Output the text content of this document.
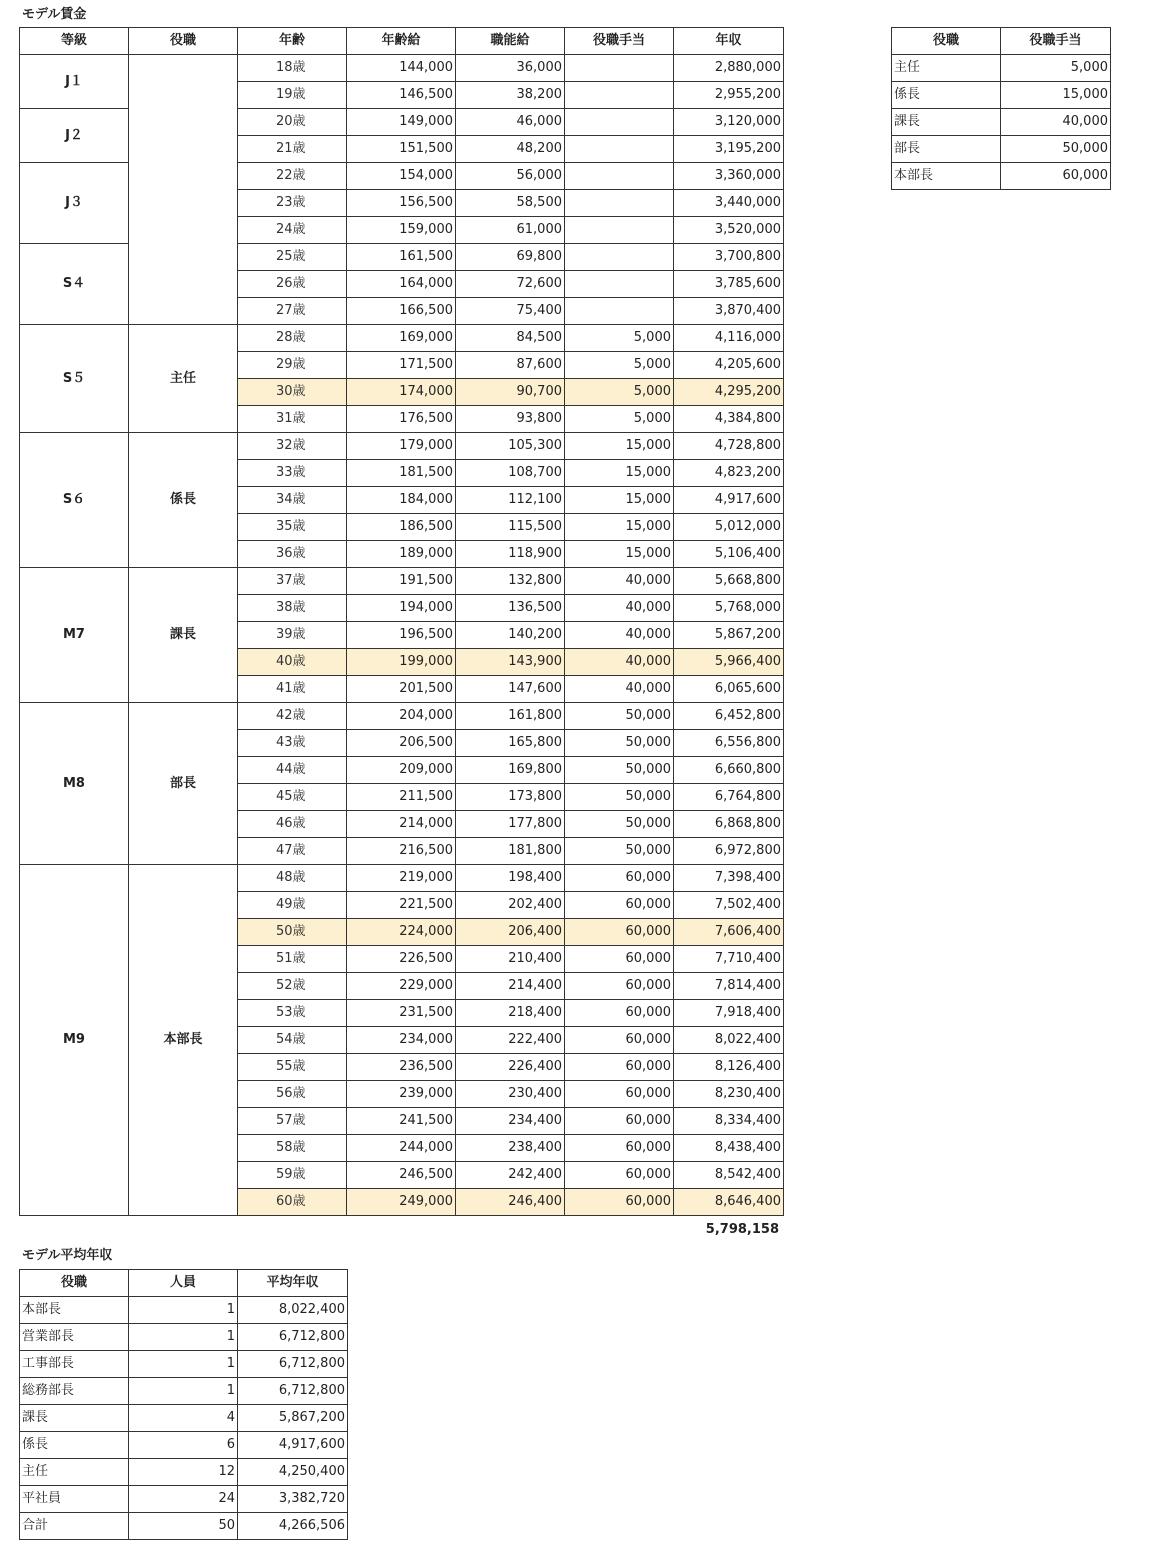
モデル賃金
等級	役職	年齢	年齢給	職能給	役職手当	年収
J１		18歳	144,000	36,000		2,880,000
		19歳	146,500	38,200		2,955,200
J２		20歳	149,000	46,000		3,120,000
		21歳	151,500	48,200		3,195,200
J３		22歳	154,000	56,000		3,360,000
		23歳	156,500	58,500		3,440,000
		24歳	159,000	61,000		3,520,000
S４		25歳	161,500	69,800		3,700,800
		26歳	164,000	72,600		3,785,600
		27歳	166,500	75,400		3,870,400
S５	主任	28歳	169,000	84,500	5,000	4,116,000
		29歳	171,500	87,600	5,000	4,205,600
		30歳	174,000	90,700	5,000	4,295,200
		31歳	176,500	93,800	5,000	4,384,800
S６	係長	32歳	179,000	105,300	15,000	4,728,800
		33歳	181,500	108,700	15,000	4,823,200
		34歳	184,000	112,100	15,000	4,917,600
		35歳	186,500	115,500	15,000	5,012,000
		36歳	189,000	118,900	15,000	5,106,400
M7	課長	37歳	191,500	132,800	40,000	5,668,800
		38歳	194,000	136,500	40,000	5,768,000
		39歳	196,500	140,200	40,000	5,867,200
		40歳	199,000	143,900	40,000	5,966,400
		41歳	201,500	147,600	40,000	6,065,600
M8	部長	42歳	204,000	161,800	50,000	6,452,800
		43歳	206,500	165,800	50,000	6,556,800
		44歳	209,000	169,800	50,000	6,660,800
		45歳	211,500	173,800	50,000	6,764,800
		46歳	214,000	177,800	50,000	6,868,800
		47歳	216,500	181,800	50,000	6,972,800
M9	本部長	48歳	219,000	198,400	60,000	7,398,400
		49歳	221,500	202,400	60,000	7,502,400
		50歳	224,000	206,400	60,000	7,606,400
		51歳	226,500	210,400	60,000	7,710,400
		52歳	229,000	214,400	60,000	7,814,400
		53歳	231,500	218,400	60,000	7,918,400
		54歳	234,000	222,400	60,000	8,022,400
		55歳	236,500	226,400	60,000	8,126,400
		56歳	239,000	230,400	60,000	8,230,400
		57歳	241,500	234,400	60,000	8,334,400
		58歳	244,000	238,400	60,000	8,438,400
		59歳	246,500	242,400	60,000	8,542,400
		60歳	249,000	246,400	60,000	8,646,400
5,798,158
役職	役職手当
主任	5,000
係長	15,000
課長	40,000
部長	50,000
本部長	60,000
モデル平均年収
役職	人員	平均年収
本部長	1	8,022,400
営業部長	1	6,712,800
工事部長	1	6,712,800
総務部長	1	6,712,800
課長	4	5,867,200
係長	6	4,917,600
主任	12	4,250,400
平社員	24	3,382,720
合計	50	4,266,506
